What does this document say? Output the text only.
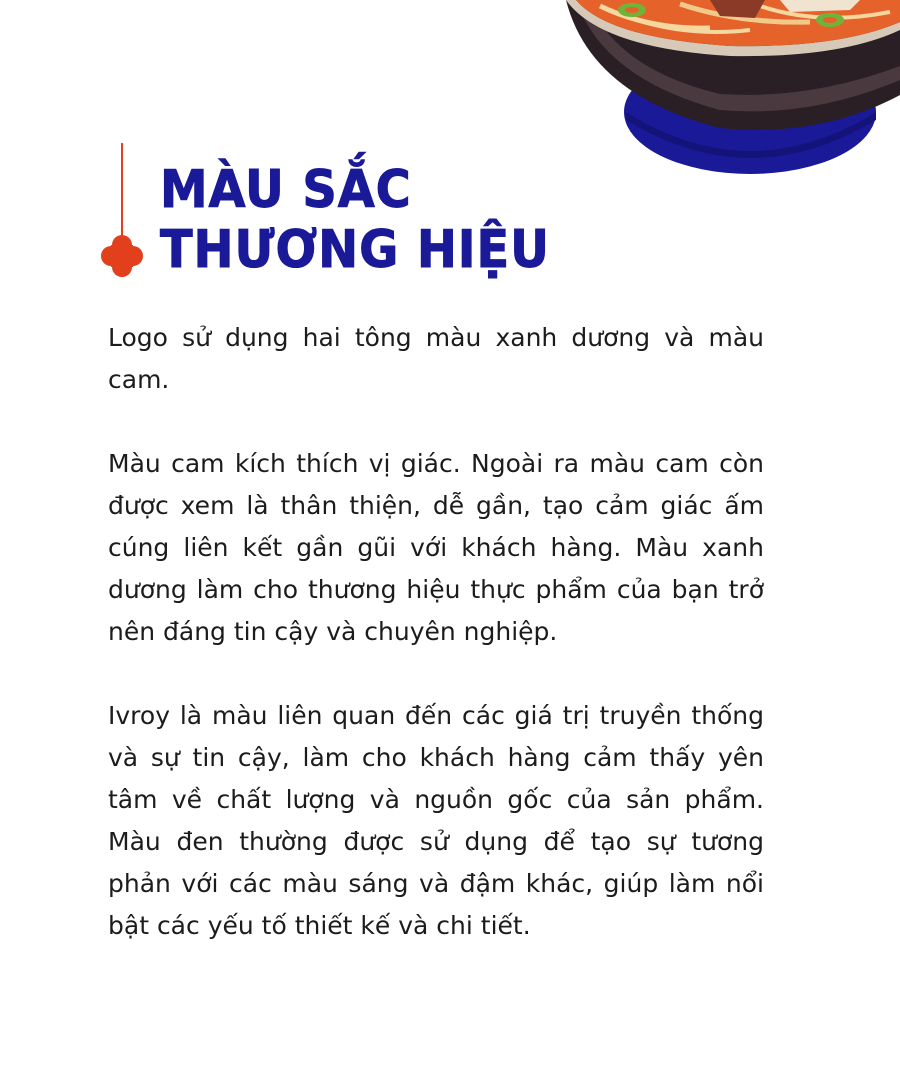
MÀU SẮC
THƯƠNG HIỆU

Logo sử dụng hai tông màu xanh dương và màu cam.

Màu cam kích thích vị giác. Ngoài ra màu cam còn được xem là thân thiện, dễ gần, tạo cảm giác ấm cúng liên kết gần gũi với khách hàng. Màu xanh dương làm cho thương hiệu thực phẩm của bạn trở nên đáng tin cậy và chuyên nghiệp.

Ivroy là màu liên quan đến các giá trị truyền thống và sự tin cậy, làm cho khách hàng cảm thấy yên tâm về chất lượng và nguồn gốc của sản phẩm. Màu đen thường được sử dụng để tạo sự tương phản với các màu sáng và đậm khác, giúp làm nổi bật các yếu tố thiết kế và chi tiết.
